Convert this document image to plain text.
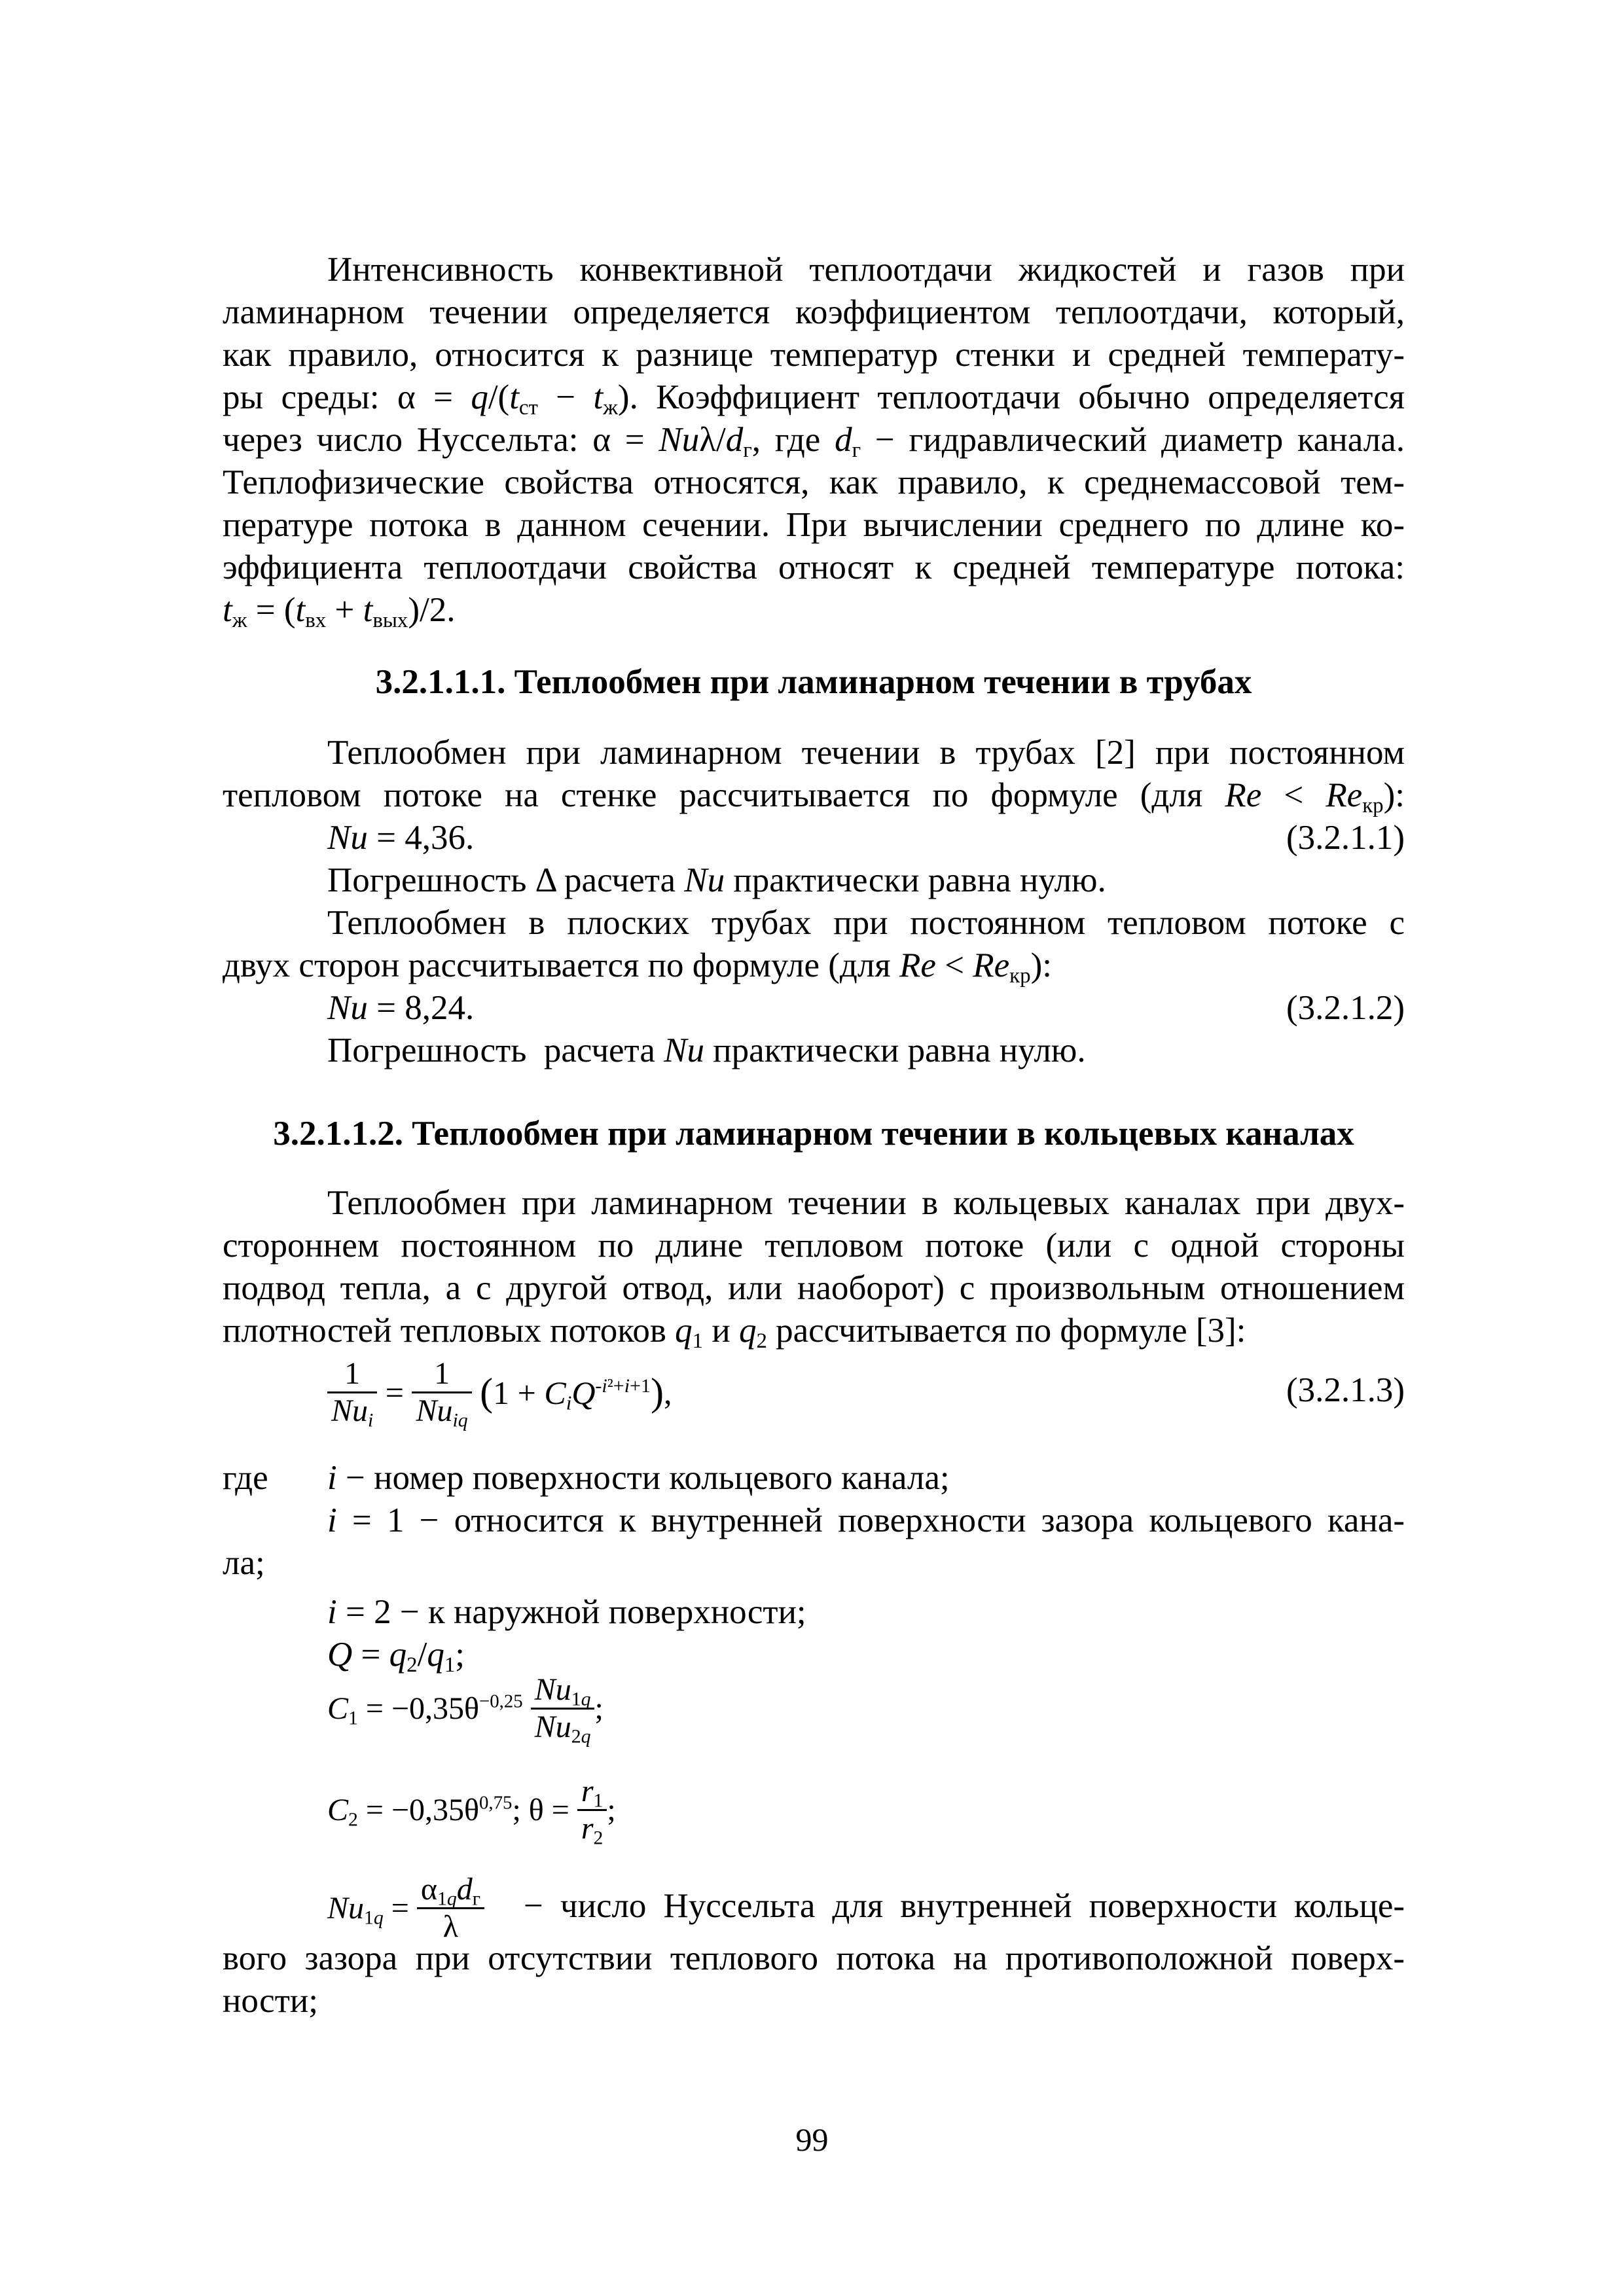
Интенсивность конвективной теплоотдачи жидкостей и газов при
ламинарном течении определяется коэффициентом теплоотдачи, который,
как правило, относится к разнице температур стенки и средней температу-
ры среды: $\alpha = q/(t_{ст} - t_ж)$. Коэффициент теплоотдачи обычно определяется
через число Нуссельта: α = Nuλ/$d_г$, где $d_г$ − гидравлический диаметр канала.
Теплофизические свойства относятся, как правило, к среднемассовой тем-
пературе потока в данном сечении. При вычислении среднего по длине ко-
эффициента теплоотдачи свойства относят к средней температуре потока:
$t_ж = (t_{вх} + t_{вых})/2$.
3.2.1.1.1. Теплообмен при ламинарном течении в трубах
Теплообмен при ламинарном течении в трубах [2] при постоянном
тепловом потоке на стенке рассчитывается по формуле (для $Re < Re_{кр}$):
Nu = 4,36.	(3.2.1.1)
Погрешность Δ расчета Nu практически равна нулю.
Теплообмен в плоских трубах при постоянном тепловом потоке с
двух сторон рассчитывается по формуле (для $Re < Re_{кр}$):
Nu = 8,24.	(3.2.1.2)
Погрешность  расчета Nu практически равна нулю.
3.2.1.1.2. Теплообмен при ламинарном течении в кольцевых каналах
Теплообмен при ламинарном течении в кольцевых каналах при двух-
стороннем постоянном по длине тепловом потоке (или с одной стороны
подвод тепла, а с другой отвод, или наоборот) с произвольным отношением
плотностей тепловых потоков $q_1$ и $q_2$ рассчитывается по формуле [3]:
$\frac{1}{Nu_i} = \frac{1}{Nu_{iq}} (1 + C_iQ^{-i^2+i+1})$,	(3.2.1.3)
где i − номер поверхности кольцевого канала;
i = 1 − относится к внутренней поверхности зазора кольцевого кана-
ла;
i = 2 − к наружной поверхности;
$Q = q_2/q_1$;
$C_1 = -0,35\theta^{-0,25} \frac{Nu_{1q}}{Nu_{2q}}$ ;
$C_2 = -0,35\theta^{0,75}$; $\theta = \frac{r_1}{r_2}$ ;
$Nu_{1q} = \frac{\alpha_{1q}d_г}{\lambda}$ − число Нуссельта для внутренней поверхности кольце-
вого зазора при отсутствии теплового потока на противоположной поверх-
ности;
99
